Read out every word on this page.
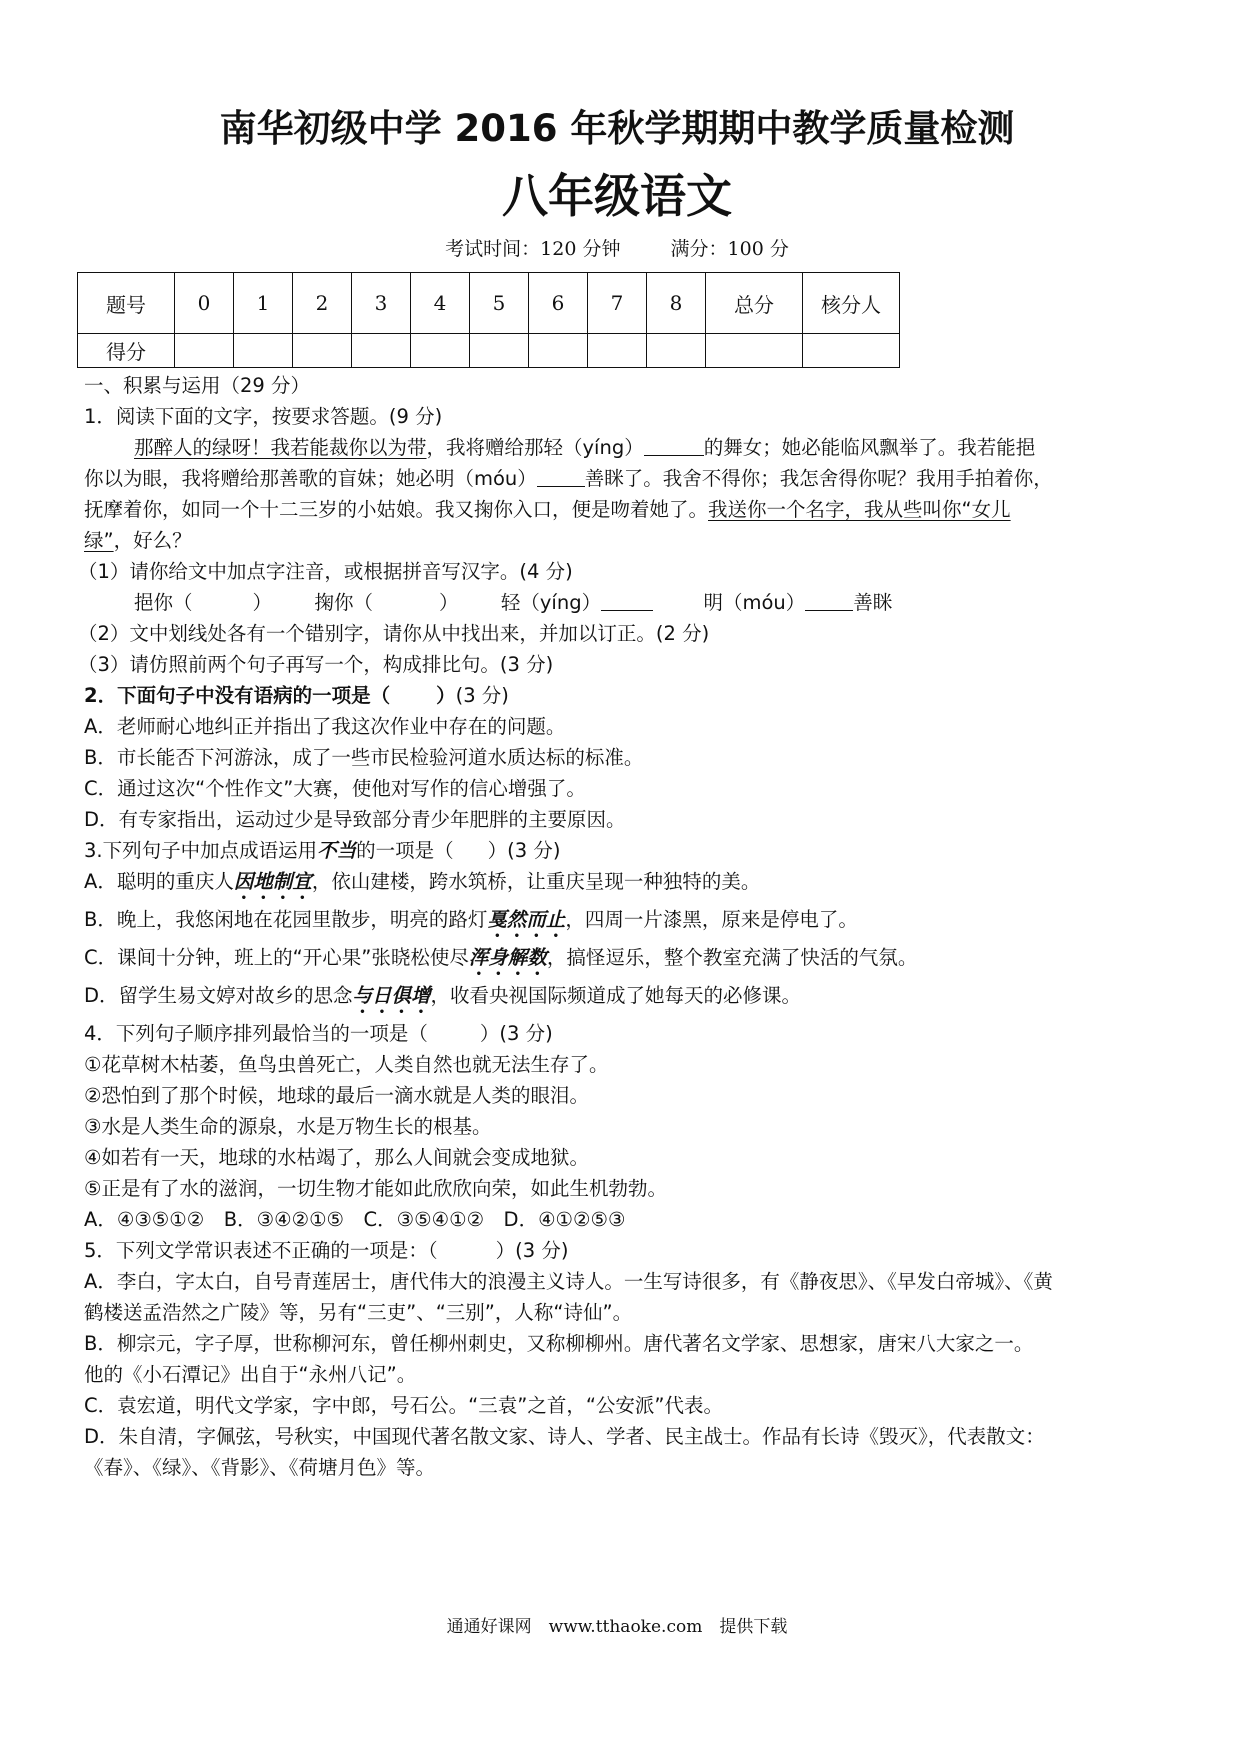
南华初级中学 2016 年秋学期期中教学质量检测
八年级语文
考试时间：120 分钟	满分：100 分
题号	0	1	2	3	4	5	6	7	8	总分	核分人
得分											
一、积累与运用（29 分）
1．阅读下面的文字，按要求答题。(9 分)
那醉人的绿呀！我若能裁你以为带，我将赠给那轻（yíng）	的舞女；她必能临风飘举了。我若能挹
你以为眼，我将赠给那善歌的盲妹；她必明（móu） 善眯了。我舍不得你；我怎舍得你呢？我用手拍着你，
抚摩着你，如同一个十二三岁的小姑娘。我又掬你入口，便是吻着她了。我送你一个名字，我从些叫你“女儿
绿”，好么？
（1）请你给文中加点字注音，或根据拼音写汉字。(4 分)
挹你（	） 掬你（	） 轻（yíng）	明（móu） 善眯
（2）文中划线处各有一个错别字，请你从中找出来，并加以订正。(2 分)
（3）请仿照前两个句子再写一个，构成排比句。(3 分)
2．下面句子中没有语病的一项是（ ）(3 分)
A．老师耐心地纠正并指出了我这次作业中存在的问题。
B．市长能否下河游泳，成了一些市民检验河道水质达标的标准。
C．通过这次“个性作文”大赛，使他对写作的信心增强了。
D．有专家指出，运动过少是导致部分青少年肥胖的主要原因。
3.下列句子中加点成语运用不当的一项是（ ）(3 分)
A．聪明的重庆人因地制宜，依山建楼，跨水筑桥，让重庆呈现一种独特的美。
B．晚上，我悠闲地在花园里散步，明亮的路灯戛然而止，四周一片漆黑，原来是停电了。
C．课间十分钟，班上的“开心果”张晓松使尽浑身解数，搞怪逗乐，整个教室充满了快活的气氛。
D．留学生易文婷对故乡的思念与日俱增，收看央视国际频道成了她每天的必修课。
4．下列句子顺序排列最恰当的一项是（	）(3 分)
①花草树木枯萎，鱼鸟虫兽死亡，人类自然也就无法生存了。
②恐怕到了那个时候，地球的最后一滴水就是人类的眼泪。
③水是人类生命的源泉，水是万物生长的根基。
④如若有一天，地球的水枯竭了，那么人间就会变成地狱。
⑤正是有了水的滋润，一切生物才能如此欣欣向荣，如此生机勃勃。
A．④③⑤①②　B．③④②①⑤　C．③⑤④①②　D．④①②⑤③
5．下列文学常识表述不正确的一项是：（	）(3 分)
A．李白，字太白，自号青莲居士，唐代伟大的浪漫主义诗人。一生写诗很多，有《静夜思》、《早发白帝城》、《黄
鹤楼送孟浩然之广陵》等，另有“三吏”、“三别”，人称“诗仙”。
B．柳宗元，字子厚，世称柳河东，曾任柳州刺史，又称柳柳州。唐代著名文学家、思想家，唐宋八大家之一。
他的《小石潭记》出自于“永州八记”。
C．袁宏道，明代文学家，字中郎，号石公。“三袁”之首，“公安派”代表。
D．朱自清，字佩弦，号秋实，中国现代著名散文家、诗人、学者、民主战士。作品有长诗《毁灭》，代表散文：
《春》、《绿》、《背影》、《荷塘月色》等。
通通好课网　www.tthaoke.com　提供下载
